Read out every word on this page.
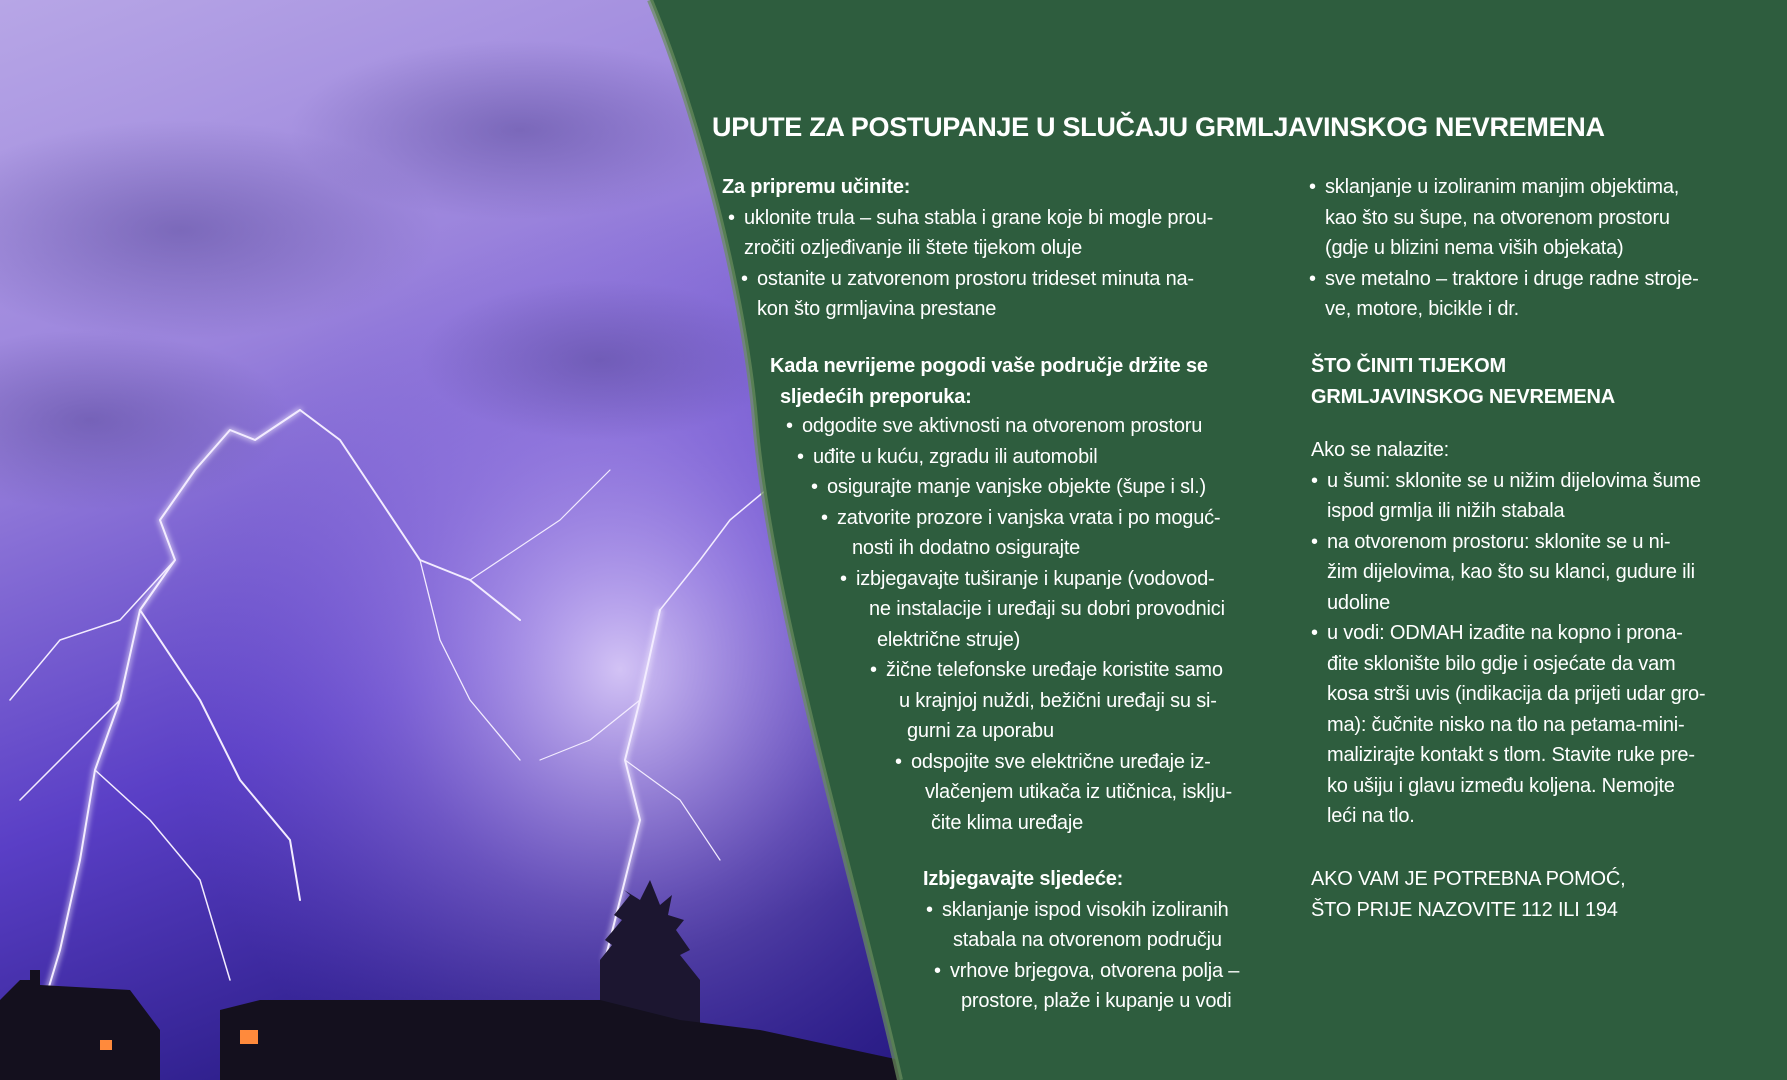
UPUTE ZA POSTUPANJE U SLUČAJU GRMLJAVINSKOG NEVREMENA
Za pripremu učinite:
• uklonite trula – suha stabla i grane koje bi mogle prou-
zročiti ozljeđivanje ili štete tijekom oluje
• ostanite u zatvorenom prostoru trideset minuta na-
kon što grmljavina prestane
Kada nevrijeme pogodi vaše područje držite se
sljedećih preporuka:
• odgodite sve aktivnosti na otvorenom prostoru
• uđite u kuću, zgradu ili automobil
• osigurajte manje vanjske objekte (šupe i sl.)
• zatvorite prozore i vanjska vrata i po moguć-
nosti ih dodatno osigurajte
• izbjegavajte tuširanje i kupanje (vodovod-
ne instalacije i uređaji su dobri provodnici
električne struje)
• žične telefonske uređaje koristite samo
u krajnjoj nuždi, bežični uređaji su si-
gurni za uporabu
• odspojite sve električne uređaje iz-
vlačenjem utikača iz utičnica, isklju-
čite klima uređaje
Izbjegavajte sljedeće:
• sklanjanje ispod visokih izoliranih
stabala na otvorenom području
• vrhove brjegova, otvorena polja –
prostore, plaže i kupanje u vodi
• sklanjanje u izoliranim manjim objektima,
kao što su šupe, na otvorenom prostoru
(gdje u blizini nema viših objekata)
• sve metalno – traktore i druge radne stroje-
ve, motore, bicikle i dr.
ŠTO ČINITI TIJEKOM
GRMLJAVINSKOG NEVREMENA
Ako se nalazite:
• u šumi: sklonite se u nižim dijelovima šume
ispod grmlja ili nižih stabala
• na otvorenom prostoru: sklonite se u ni-
žim dijelovima, kao što su klanci, gudure ili
udoline
• u vodi: ODMAH izađite na kopno i prona-
đite sklonište bilo gdje i osjećate da vam
kosa strši uvis (indikacija da prijeti udar gro-
ma): čučnite nisko na tlo na petama-mini-
malizirajte kontakt s tlom. Stavite ruke pre-
ko ušiju i glavu između koljena. Nemojte
leći na tlo.
AKO VAM JE POTREBNA POMOĆ,
ŠTO PRIJE NAZOVITE 112 ILI 194
